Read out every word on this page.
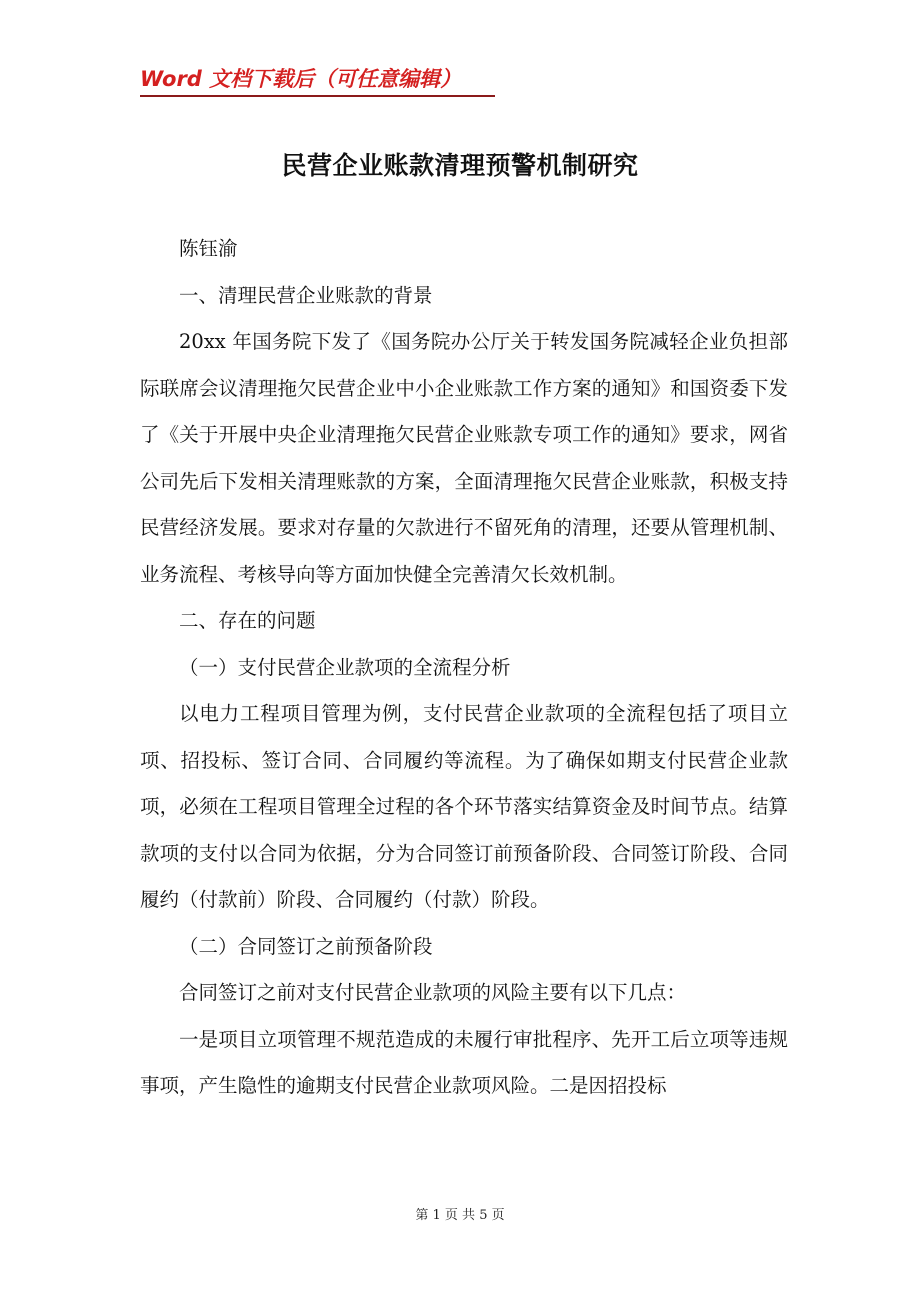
Word 文档下载后（可任意编辑）
民营企业账款清理预警机制研究

陈钰渝

一、清理民营企业账款的背景

20xx 年国务院下发了《国务院办公厅关于转发国务院减轻企业负担部际联席会议清理拖欠民营企业中小企业账款工作方案的通知》和国资委下发了《关于开展中央企业清理拖欠民营企业账款专项工作的通知》要求，网省公司先后下发相关清理账款的方案，全面清理拖欠民营企业账款，积极支持民营经济发展。要求对存量的欠款进行不留死角的清理，还要从管理机制、业务流程、考核导向等方面加快健全完善清欠长效机制。

二、存在的问题

（一）支付民营企业款项的全流程分析

以电力工程项目管理为例，支付民营企业款项的全流程包括了项目立项、招投标、签订合同、合同履约等流程。为了确保如期支付民营企业款项，必须在工程项目管理全过程的各个环节落实结算资金及时间节点。结算款项的支付以合同为依据，分为合同签订前预备阶段、合同签订阶段、合同履约（付款前）阶段、合同履约（付款）阶段。

（二）合同签订之前预备阶段

合同签订之前对支付民营企业款项的风险主要有以下几点：

一是项目立项管理不规范造成的未履行审批程序、先开工后立项等违规事项，产生隐性的逾期支付民营企业款项风险。二是因招投标

第 1 页 共 5 页
